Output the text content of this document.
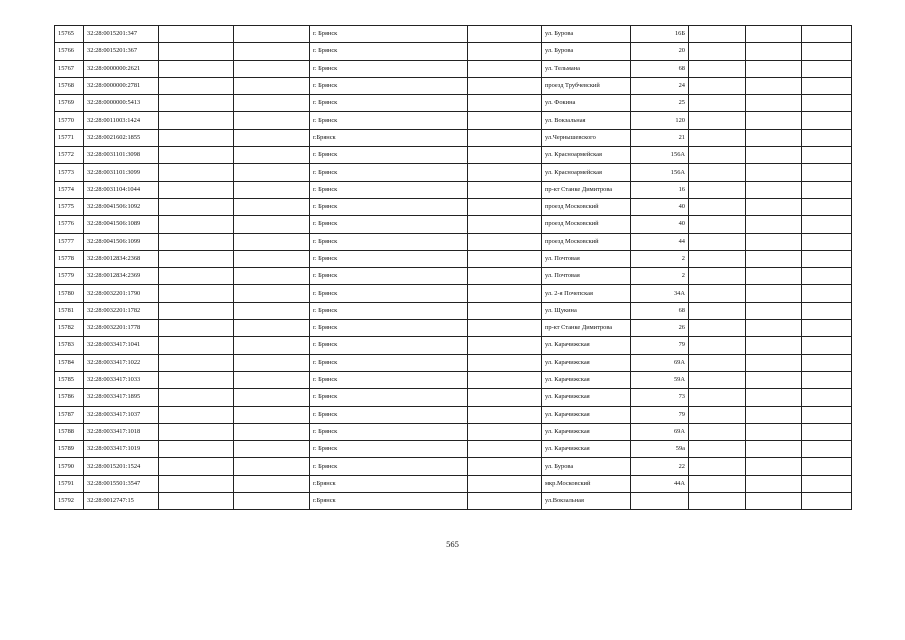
15765	32:28:0015201:347			г. Брянск		ул. Бурова	16Б			
15766	32:28:0015201:367			г. Брянск		ул. Бурова	20			
15767	32:28:0000000:2621			г. Брянск		ул. Тельмана	68			
15768	32:28:0000000:2781			г. Брянск		проезд Трубчевский	24			
15769	32:28:0000000:5413			г. Брянск		ул. Фокина	25			
15770	32:28:0011003:1424			г. Брянск		ул. Вокзальная	120			
15771	32:28:0021602:1855			г.Брянск		ул.Чернышевского	21			
15772	32:28:0031101:3098			г. Брянск		ул. Красноармейская	156А			
15773	32:28:0031101:3099			г. Брянск		ул. Красноармейская	156А			
15774	32:28:0031104:1044			г. Брянск		пр-кт Станке Димитрова	16			
15775	32:28:0041506:1092			г. Брянск		проезд Московский	40			
15776	32:28:0041506:1089			г. Брянск		проезд Московский	40			
15777	32:28:0041506:1099			г. Брянск		проезд Московский	44			
15778	32:28:0012834:2368			г. Брянск		ул. Почтовая	2			
15779	32:28:0012834:2369			г. Брянск		ул. Почтовая	2			
15780	32:28:0032201:1790			г. Брянск		ул. 2-я Почепская	34А			
15781	32:28:0032201:1782			г. Брянск		ул. Щукина	68			
15782	32:28:0032201:1778			г. Брянск		пр-кт Станке Димитрова	26			
15783	32:28:0033417:1041			г. Брянск		ул. Карачижская	79			
15784	32:28:0033417:1022			г. Брянск		ул. Карачижская	69А			
15785	32:28:0033417:1033			г. Брянск		ул. Карачижская	59А			
15786	32:28:0033417:1895			г. Брянск		ул. Карачижская	73			
15787	32:28:0033417:1037			г. Брянск		ул. Карачижская	79			
15788	32:28:0033417:1018			г. Брянск		ул. Карачижская	69А			
15789	32:28:0033417:1019			г. Брянск		ул. Карачижская	59а			
15790	32:28:0015201:1524			г. Брянск		ул. Бурова	22			
15791	32:28:0015501:3547			г.Брянск		мкр.Московский	44А			
15792	32:28:0012747:15			г.Брянск		ул.Вокзальная				
565
